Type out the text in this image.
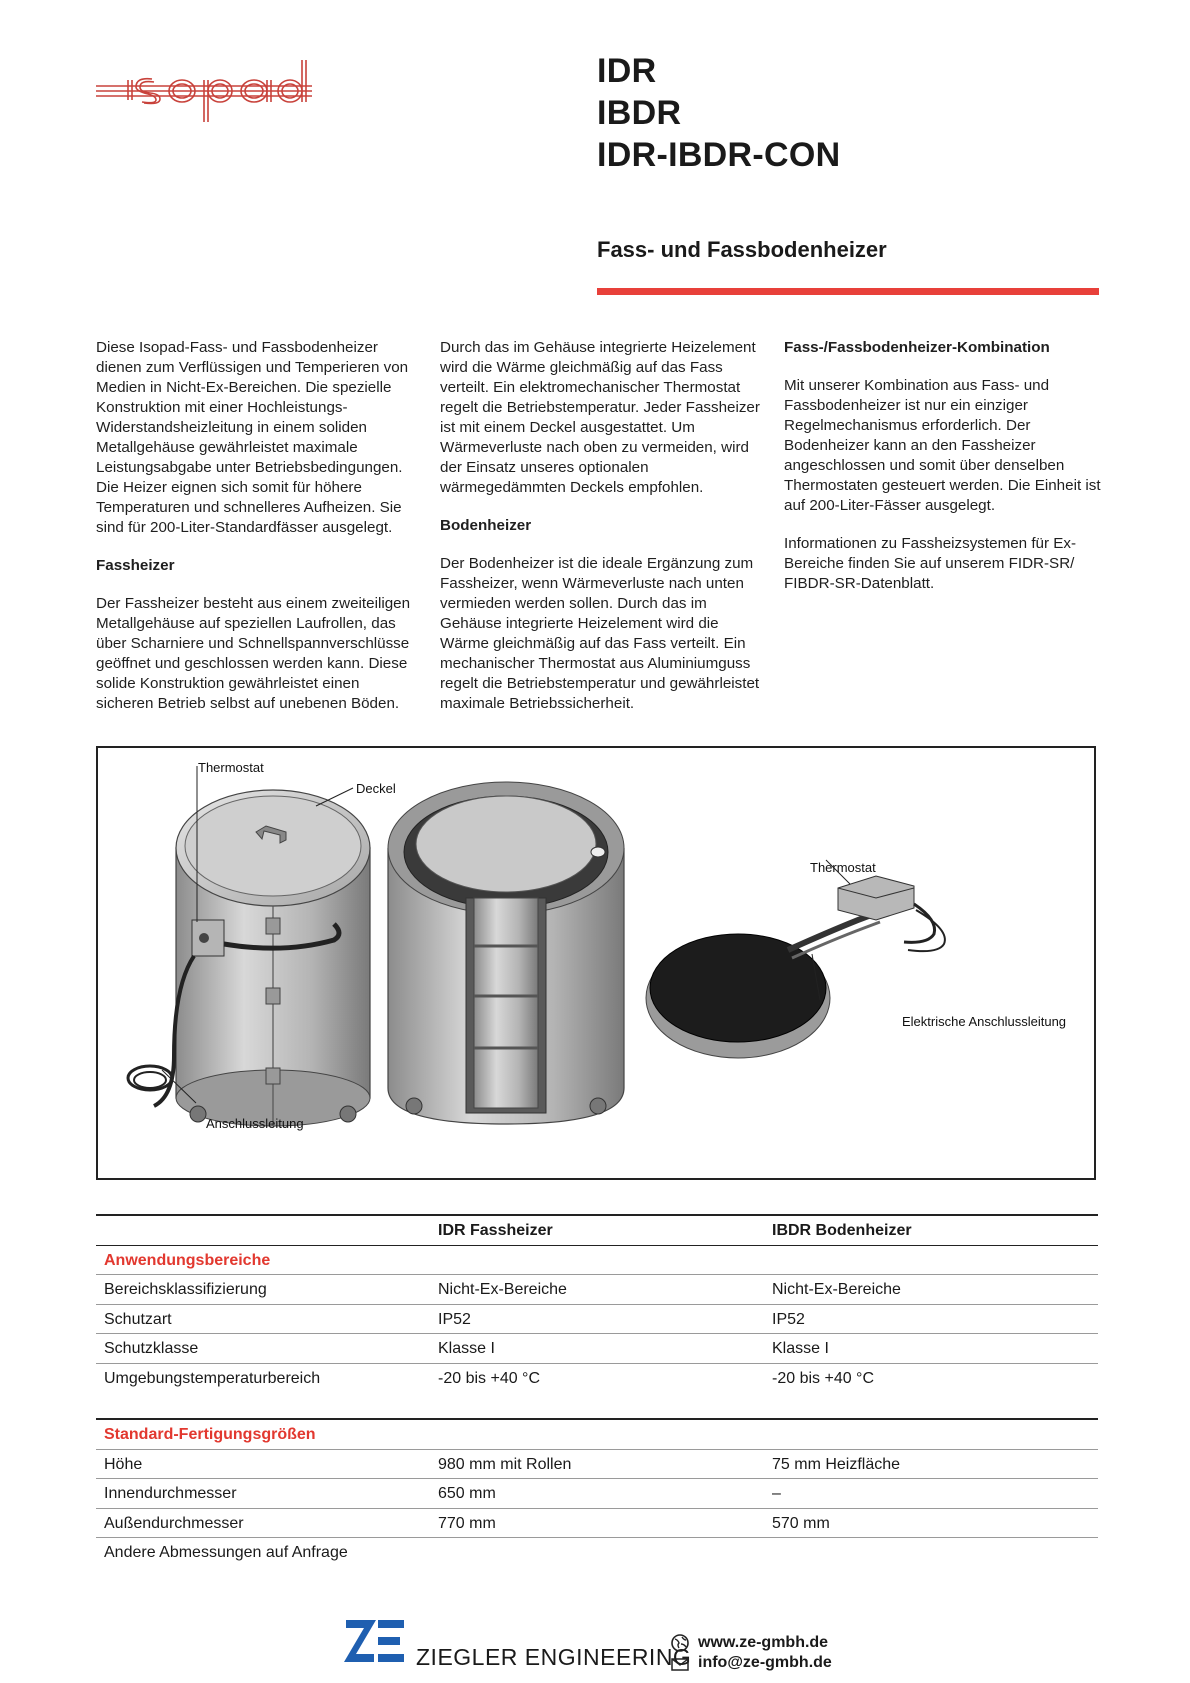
IDR
IBDR
IDR-IBDR-CON
Fass- und Fassbodenheizer

Diese Isopad-Fass- und Fassbodenheizer dienen zum Verflüssigen und Temperieren von Medien in Nicht-Ex-Bereichen. Die spezielle Konstruktion mit einer Hochleistungs-Widerstandsheizleitung in einem soliden Metallgehäuse gewährleistet maximale Leistungsabgabe unter Betriebsbedingungen. Die Heizer eignen sich somit für höhere Temperaturen und schnelleres Aufheizen. Sie sind für 200-Liter-Standardfässer ausgelegt.

Fassheizer

Der Fassheizer besteht aus einem zweiteiligen Metallgehäuse auf speziellen Laufrollen, das über Scharniere und Schnellspannverschlüsse geöffnet und geschlossen werden kann. Diese solide Konstruktion gewährleistet einen sicheren Betrieb selbst auf unebenen Böden.

Durch das im Gehäuse integrierte Heizelement wird die Wärme gleichmäßig auf das Fass verteilt. Ein elektromechanischer Thermostat regelt die Betriebstemperatur. Jeder Fassheizer ist mit einem Deckel ausgestattet. Um Wärmeverluste nach oben zu vermeiden, wird der Einsatz unseres optionalen wärmegedämmten Deckels empfohlen.

Bodenheizer

Der Bodenheizer ist die ideale Ergänzung zum Fassheizer, wenn Wärmeverluste nach unten vermieden werden sollen. Durch das im Gehäuse integrierte Heizelement wird die Wärme gleichmäßig auf das Fass verteilt. Ein mechanischer Thermostat aus Aluminiumguss regelt die Betriebstemperatur und gewährleistet maximale Betriebssicherheit.

Fass-/Fassbodenheizer-Kombination

Mit unserer Kombination aus Fass- und Fassbodenheizer ist nur ein einziger Regelmechanismus erforderlich. Der Bodenheizer kann an den Fassheizer angeschlossen und somit über denselben Thermostaten gesteuert werden. Die Einheit ist auf 200-Liter-Fässer ausgelegt.

Informationen zu Fassheizsystemen für Ex-Bereiche finden Sie auf unserem FIDR-SR/ FIBDR-SR-Datenblatt.

Thermostat
Deckel
Anschlussleitung
Thermostat
Elektrische Anschlussleitung
IDR Fassheizer	IBDR Bodenheizer
Anwendungsbereiche
Bereichsklassifizierung	Nicht-Ex-Bereiche	Nicht-Ex-Bereiche
Schutzart	IP52	IP52
Schutzklasse	Klasse I	Klasse I
Umgebungstemperaturbereich	-20 bis +40 °C	-20 bis +40 °C
Standard-Fertigungsgrößen
Höhe	980 mm mit Rollen	75 mm Heizfläche
Innendurchmesser	650 mm	–
Außendurchmesser	770 mm	570 mm
Andere Abmessungen auf Anfrage
ZIEGLER ENGINEERING
www.ze-gmbh.de
info@ze-gmbh.de
